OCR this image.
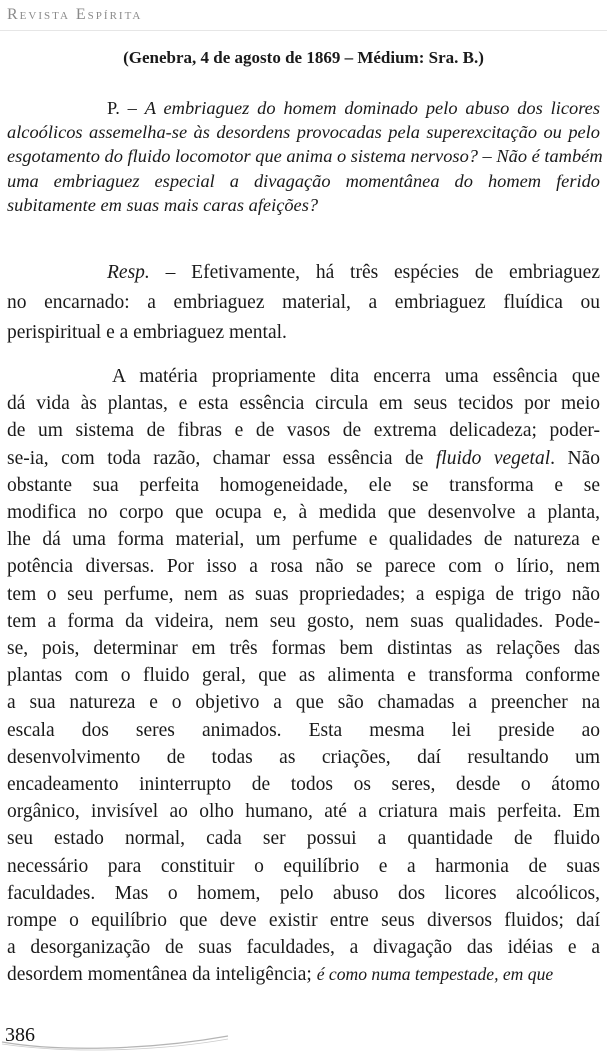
Revista Espírita
(Genebra, 4 de agosto de 1869 – Médium: Sra. B.)
P. – A embriaguez do homem dominado pelo abuso dos licores
alcoólicos assemelha-se às desordens provocadas pela superexcitação ou pelo
esgotamento do fluido locomotor que anima o sistema nervoso? – Não é também
uma embriaguez especial a divagação momentânea do homem ferido
subitamente em suas mais caras afeições?
Resp. – Efetivamente, há três espécies de embriaguez
no encarnado: a embriaguez material, a embriaguez fluídica ou
perispiritual e a embriaguez mental.
A matéria propriamente dita encerra uma essência que
dá vida às plantas, e esta essência circula em seus tecidos por meio
de um sistema de fibras e de vasos de extrema delicadeza; poder-
se-ia, com toda razão, chamar essa essência de fluido vegetal. Não
obstante sua perfeita homogeneidade, ele se transforma e se
modifica no corpo que ocupa e, à medida que desenvolve a planta,
lhe dá uma forma material, um perfume e qualidades de natureza e
potência diversas. Por isso a rosa não se parece com o lírio, nem
tem o seu perfume, nem as suas propriedades; a espiga de trigo não
tem a forma da videira, nem seu gosto, nem suas qualidades. Pode-
se, pois, determinar em três formas bem distintas as relações das
plantas com o fluido geral, que as alimenta e transforma conforme
a sua natureza e o objetivo a que são chamadas a preencher na
escala dos seres animados. Esta mesma lei preside ao
desenvolvimento de todas as criações, daí resultando um
encadeamento ininterrupto de todos os seres, desde o átomo
orgânico, invisível ao olho humano, até a criatura mais perfeita. Em
seu estado normal, cada ser possui a quantidade de fluido
necessário para constituir o equilíbrio e a harmonia de suas
faculdades. Mas o homem, pelo abuso dos licores alcoólicos,
rompe o equilíbrio que deve existir entre seus diversos fluidos; daí
a desorganização de suas faculdades, a divagação das idéias e a
desordem momentânea da inteligência; é como numa tempestade, em que
386
